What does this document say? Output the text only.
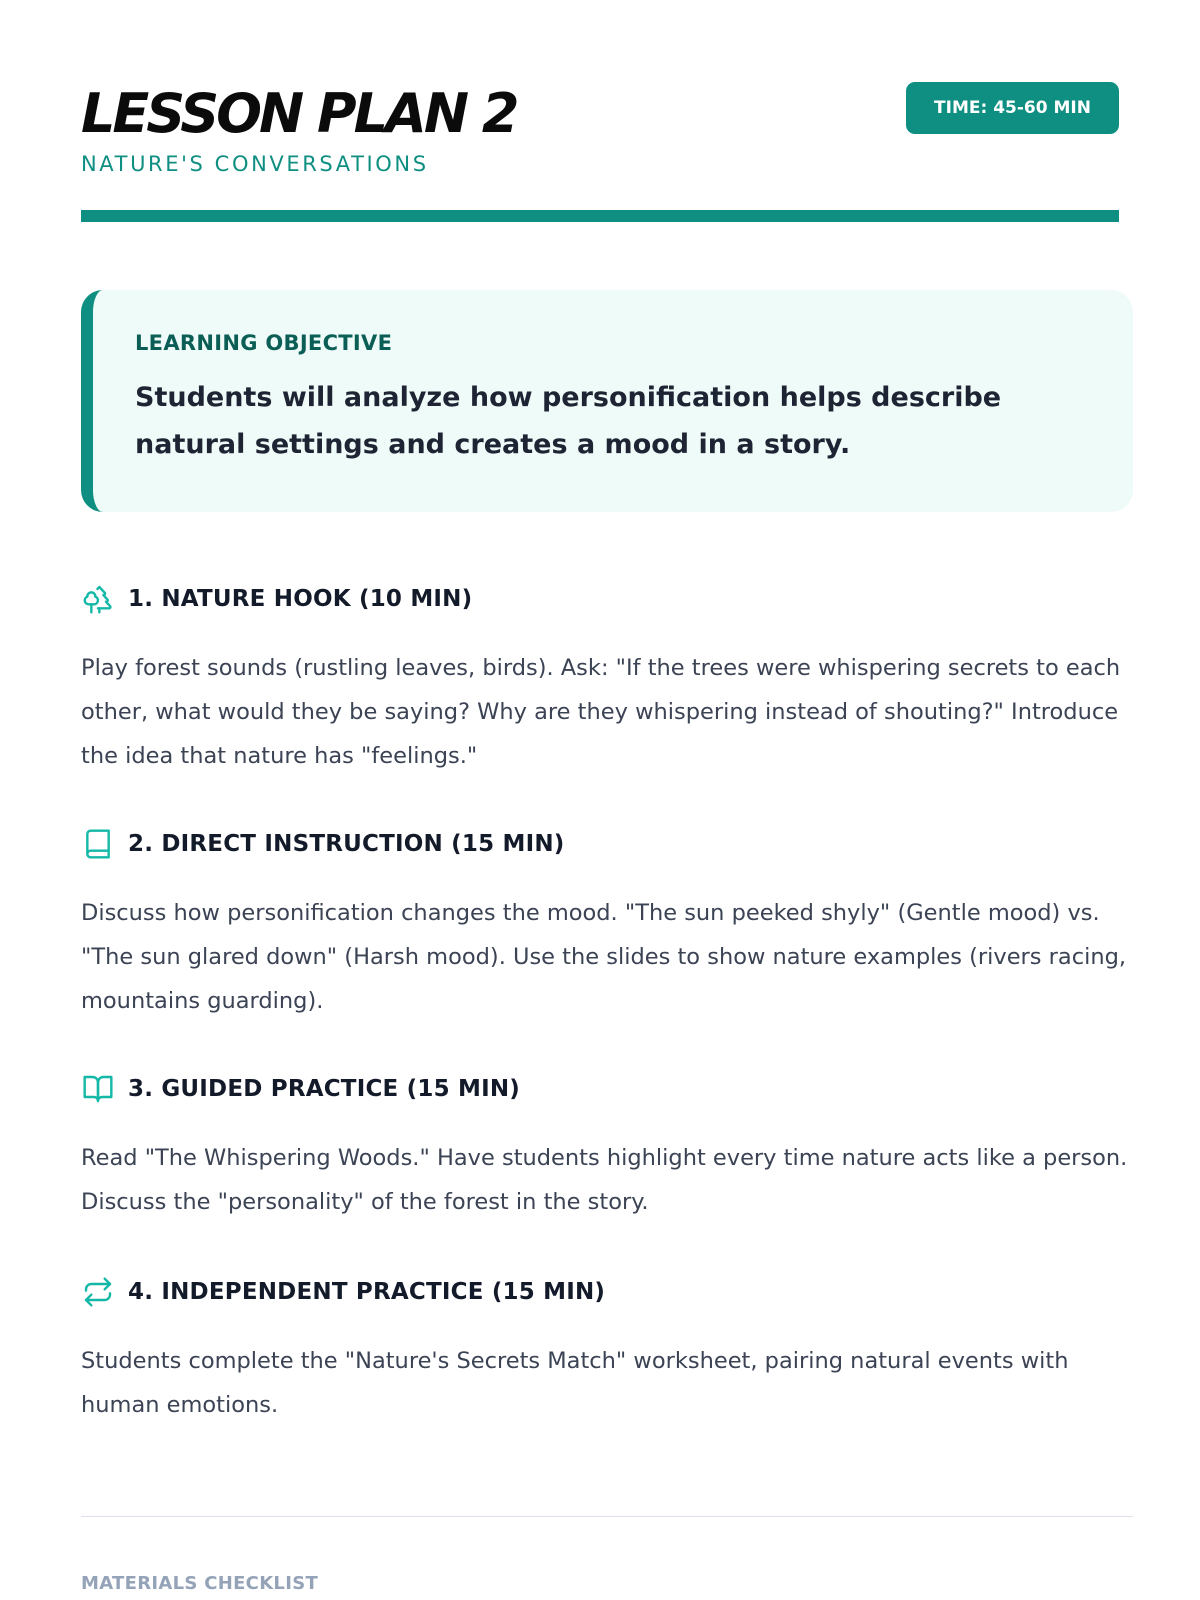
LESSON PLAN 2
NATURE'S CONVERSATIONS
TIME: 45-60 MIN
LEARNING OBJECTIVE
Students will analyze how personification helps describe natural settings and creates a mood in a story.
1. NATURE HOOK (10 MIN)
Play forest sounds (rustling leaves, birds). Ask: "If the trees were whispering secrets to each other, what would they be saying? Why are they whispering instead of shouting?" Introduce the idea that nature has "feelings."
2. DIRECT INSTRUCTION (15 MIN)
Discuss how personification changes the mood. "The sun peeked shyly" (Gentle mood) vs. "The sun glared down" (Harsh mood). Use the slides to show nature examples (rivers racing, mountains guarding).
3. GUIDED PRACTICE (15 MIN)
Read "The Whispering Woods." Have students highlight every time nature acts like a person. Discuss the "personality" of the forest in the story.
4. INDEPENDENT PRACTICE (15 MIN)
Students complete the "Nature's Secrets Match" worksheet, pairing natural events with human emotions.
MATERIALS CHECKLIST
